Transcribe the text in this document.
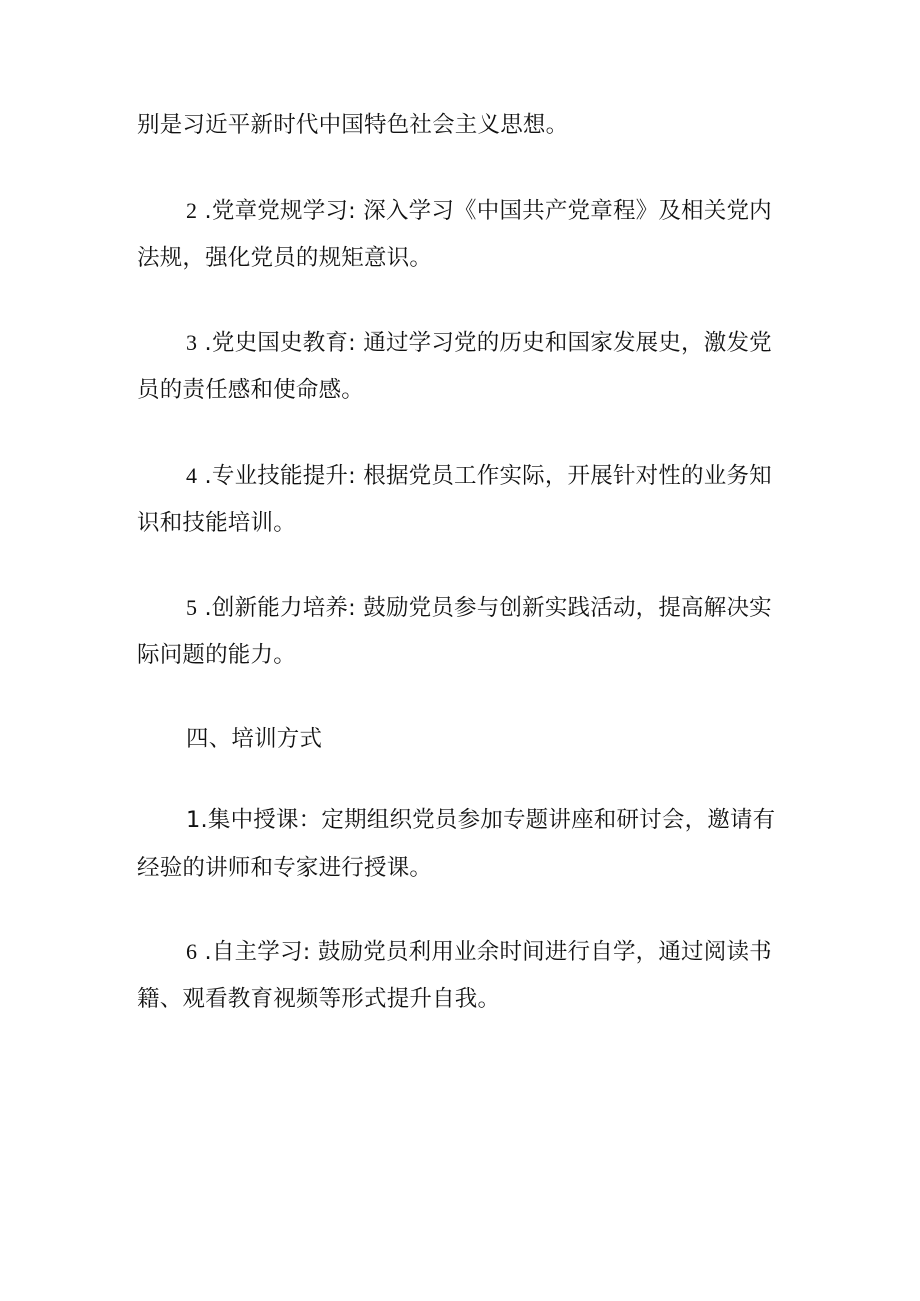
别是习近平新时代中国特色社会主义思想。
2 .党章党规学习: 深入学习《中国共产党章程》及相关党内
法规，强化党员的规矩意识。
3 .党史国史教育: 通过学习党的历史和国家发展史，激发党
员的责任感和使命感。
4 .专业技能提升: 根据党员工作实际，开展针对性的业务知
识和技能培训。
5 .创新能力培养: 鼓励党员参与创新实践活动，提高解决实
际问题的能力。
四、培训方式
1.集中授课：定期组织党员参加专题讲座和研讨会，邀请有
经验的讲师和专家进行授课。
6 .自主学习: 鼓励党员利用业余时间进行自学，通过阅读书
籍、观看教育视频等形式提升自我。
